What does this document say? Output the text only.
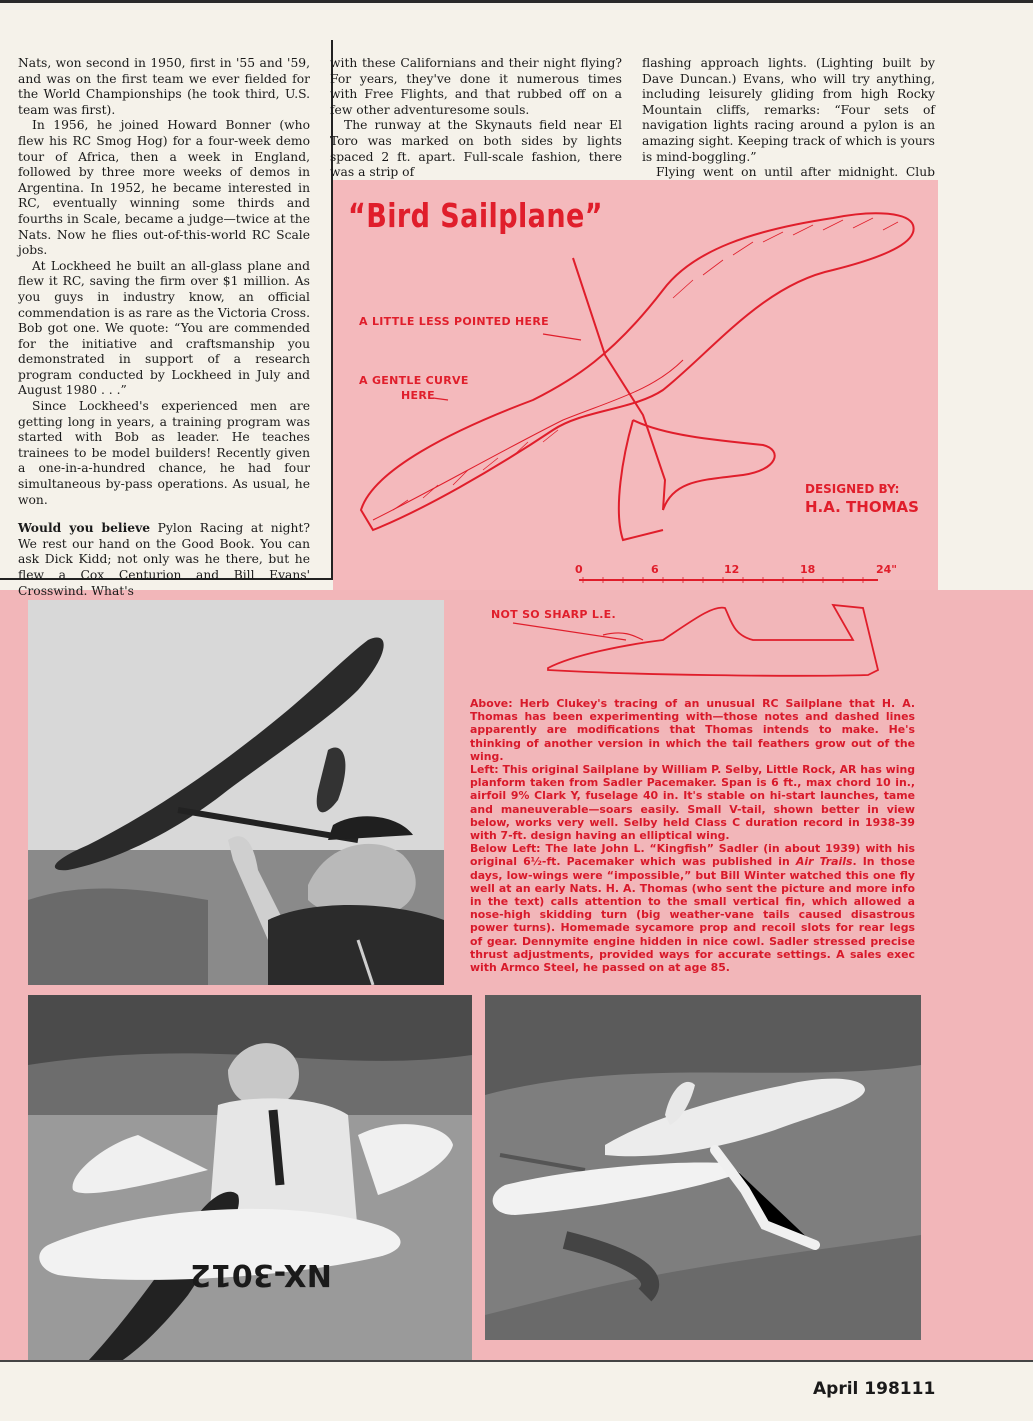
Nats, won second in 1950, first in '55 and '59, and was on the first team we ever fielded for the World Championships (he took third, U.S. team was first).

In 1956, he joined Howard Bonner (who flew his RC Smog Hog) for a four-week demo tour of Africa, then a week in England, followed by three more weeks of demos in Argentina. In 1952, he became interested in RC, eventually winning some thirds and fourths in Scale, became a judge—twice at the Nats. Now he flies out-of-this-world RC Scale jobs.

At Lockheed he built an all-glass plane and flew it RC, saving the firm over $1 million. As you guys in industry know, an official commendation is as rare as the Victoria Cross. Bob got one. We quote: “You are commended for the initiative and craftsmanship you demonstrated in support of a research program conducted by Lockheed in July and August 1980 . . .”

Since Lockheed's experienced men are getting long in years, a training program was started with Bob as leader. He teaches trainees to be model builders! Recently given a one-in-a-hundred chance, he had four simultaneous by-pass operations. As usual, he won.

Would you believe Pylon Racing at night? We rest our hand on the Good Book. You can ask Dick Kidd; not only was he there, but he flew a Cox Centurion and Bill Evans' Crosswind. What's

with these Californians and their night flying? For years, they've done it numerous times with Free Flights, and that rubbed off on a few other adventuresome souls.

The runway at the Skynauts field near El Toro was marked on both sides by lights spaced 2 ft. apart. Full-scale fashion, there was a strip of

flashing approach lights. (Lighting built by Dave Duncan.) Evans, who will try anything, including leisurely gliding from high Rocky Mountain cliffs, remarks: “Four sets of navigation lights racing around a pylon is an amazing sight. Keeping track of which is yours is mind-boggling.”

Flying went on until after midnight. Club

“Bird Sailplane”
A LITTLE LESS POINTED HERE
A GENTLE CURVE
HERE
DESIGNED BY:
H.A. THOMAS
0	6	12	18	24"
NOT SO SHARP L.E.
NX-3012

Above: Herb Clukey's tracing of an unusual RC Sailplane that H. A. Thomas has been experimenting with—those notes and dashed lines apparently are modifications that Thomas intends to make. He's thinking of another version in which the tail feathers grow out of the wing.

Left: This original Sailplane by William P. Selby, Little Rock, AR has wing planform taken from Sadler Pacemaker. Span is 6 ft., max chord 10 in., airfoil 9% Clark Y, fuselage 40 in. It's stable on hi-start launches, tame and maneuverable—soars easily. Small V-tail, shown better in view below, works very well. Selby held Class C duration record in 1938-39 with 7-ft. design having an elliptical wing.

Below Left: The late John L. “Kingfish” Sadler (in about 1939) with his original 6½-ft. Pacemaker which was published in Air Trails. In those days, low-wings were “impossible,” but Bill Winter watched this one fly well at an early Nats. H. A. Thomas (who sent the picture and more info in the text) calls attention to the small vertical fin, which allowed a nose-high skidding turn (big weather-vane tails caused disastrous power turns). Homemade sycamore prop and recoil slots for rear legs of gear. Dennymite engine hidden in nice cowl. Sadler stressed precise thrust adjustments, provided ways for accurate settings. A sales exec with Armco Steel, he passed on at age 85.

April 198111
